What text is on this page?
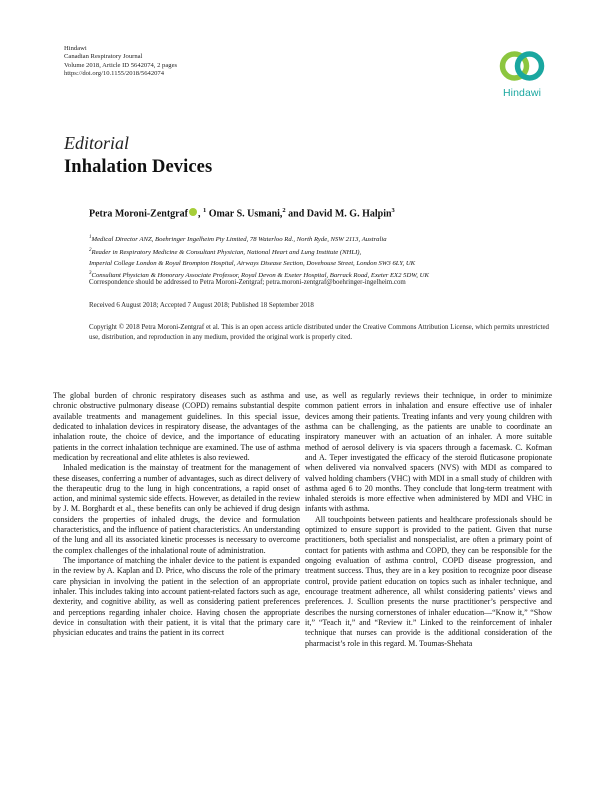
Hindawi
Canadian Respiratory Journal
Volume 2018, Article ID 5642074, 2 pages
https://doi.org/10.1155/2018/5642074
Hindawi
Editorial
Inhalation Devices
Petra Moroni-Zentgraf , $^1$ Omar S. Usmani,$^2$ and David M. G. Halpin$^3$
$^1$Medical Director ANZ, Boehringer Ingelheim Pty Limited, 78 Waterloo Rd., North Ryde, NSW 2113, Australia
$^2$Reader in Respiratory Medicine & Consultant Physician, National Heart and Lung Institute (NHLI),
Imperial College London & Royal Brompton Hospital, Airways Disease Section, Dovehouse Street, London SW3 6LY, UK
$^3$Consultant Physician & Honorary Associate Professor, Royal Devon & Exeter Hospital, Barrack Road, Exeter EX2 5DW, UK
Correspondence should be addressed to Petra Moroni-Zentgraf; petra.moroni-zentgraf@boehringer-ingelheim.com
Received 6 August 2018; Accepted 7 August 2018; Published 18 September 2018
Copyright © 2018 Petra Moroni-Zentgraf et al. This is an open access article distributed under the Creative Commons Attribution License, which permits unrestricted use, distribution, and reproduction in any medium, provided the original work is properly cited.

The global burden of chronic respiratory diseases such as asthma and chronic obstructive pulmonary disease (COPD) remains substantial despite available treatments and management guidelines. In this special issue, dedicated to inhalation devices in respiratory disease, the advantages of the inhalation route, the choice of device, and the importance of educating patients in the correct inhalation technique are examined. The use of asthma medication by recreational and elite athletes is also reviewed.

Inhaled medication is the mainstay of treatment for the management of these diseases, conferring a number of advantages, such as direct delivery of the therapeutic drug to the lung in high concentrations, a rapid onset of action, and minimal systemic side effects. However, as detailed in the review by J. M. Borghardt et al., these benefits can only be achieved if drug design considers the properties of inhaled drugs, the device and formulation characteristics, and the influence of patient characteristics. An understanding of the lung and all its associated kinetic processes is necessary to overcome the complex challenges of the inhalational route of administration.

The importance of matching the inhaler device to the patient is expanded in the review by A. Kaplan and D. Price, who discuss the role of the primary care physician in involving the patient in the selection of an appropriate inhaler. This includes taking into account patient-related factors such as age, dexterity, and cognitive ability, as well as considering patient preferences and perceptions regarding inhaler choice. Having chosen the appropriate device in consultation with their patient, it is vital that the primary care physician educates and trains the patient in its correct

use, as well as regularly reviews their technique, in order to minimize common patient errors in inhalation and ensure effective use of inhaler devices among their patients. Treating infants and very young children with asthma can be challenging, as the patients are unable to coordinate an inspiratory maneuver with an actuation of an inhaler. A more suitable method of aerosol delivery is via spacers through a facemask. C. Kofman and A. Teper investigated the efficacy of the steroid fluticasone propionate when delivered via nonvalved spacers (NVS) with MDI as compared to valved holding chambers (VHC) with MDI in a small study of children with asthma aged 6 to 20 months. They conclude that long-term treatment with inhaled steroids is more effective when administered by MDI and VHC in infants with asthma.

All touchpoints between patients and healthcare professionals should be optimized to ensure support is provided to the patient. Given that nurse practitioners, both specialist and nonspecialist, are often a primary point of contact for patients with asthma and COPD, they can be responsible for the ongoing evaluation of asthma control, COPD disease progression, and treatment success. Thus, they are in a key position to recognize poor disease control, provide patient education on topics such as inhaler technique, and encourage treatment adherence, all whilst considering patients’ views and preferences. J. Scullion presents the nurse practitioner’s perspective and describes the nursing cornerstones of inhaler education—“Know it,” “Show it,” “Teach it,” and “Review it.” Linked to the reinforcement of inhaler technique that nurses can provide is the additional consideration of the pharmacist’s role in this regard. M. Toumas-Shehata
